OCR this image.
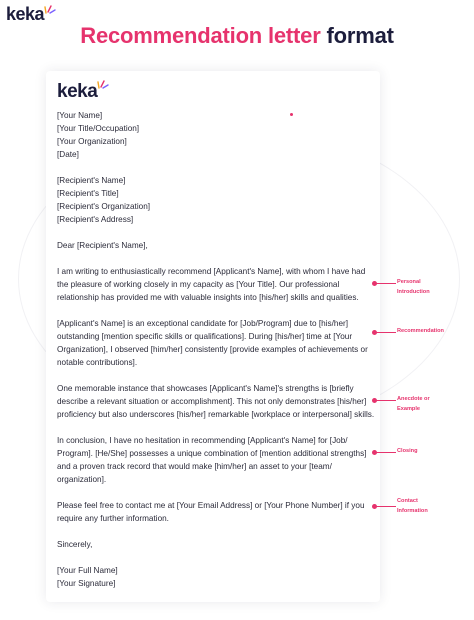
keka
Recommendation letter format
keka
[Your Name]
[Your Title/Occupation]
[Your Organization]
[Date]
[Recipient's Name]
[Recipient's Title]
[Recipient's Organization]
[Recipient's Address]
Dear [Recipient's Name],
I am writing to enthusiastically recommend [Applicant's Name], with whom I have had
the pleasure of working closely in my capacity as [Your Title]. Our professional
relationship has provided me with valuable insights into [his/her] skills and qualities.
[Applicant's Name] is an exceptional candidate for [Job/Program] due to [his/her]
outstanding [mention specific skills or qualifications]. During [his/her] time at [Your
Organization], I observed [him/her] consistently [provide examples of achievements or
notable contributions].
One memorable instance that showcases [Applicant's Name]'s strengths is [briefly
describe a relevant situation or accomplishment]. This not only demonstrates [his/her]
proficiency but also underscores [his/her] remarkable [workplace or interpersonal] skills.
In conclusion, I have no hesitation in recommending [Applicant's Name] for [Job/
Program]. [He/She] possesses a unique combination of [mention additional strengths]
and a proven track record that would make [him/her] an asset to your [team/
organization].
Please feel free to contact me at [Your Email Address] or [Your Phone Number] if you
require any further information.
Sincerely,
[Your Full Name]
[Your Signature]
Personal
Introduction
Recommendation
Anecdote or
Example
Closing
Contact
Information
